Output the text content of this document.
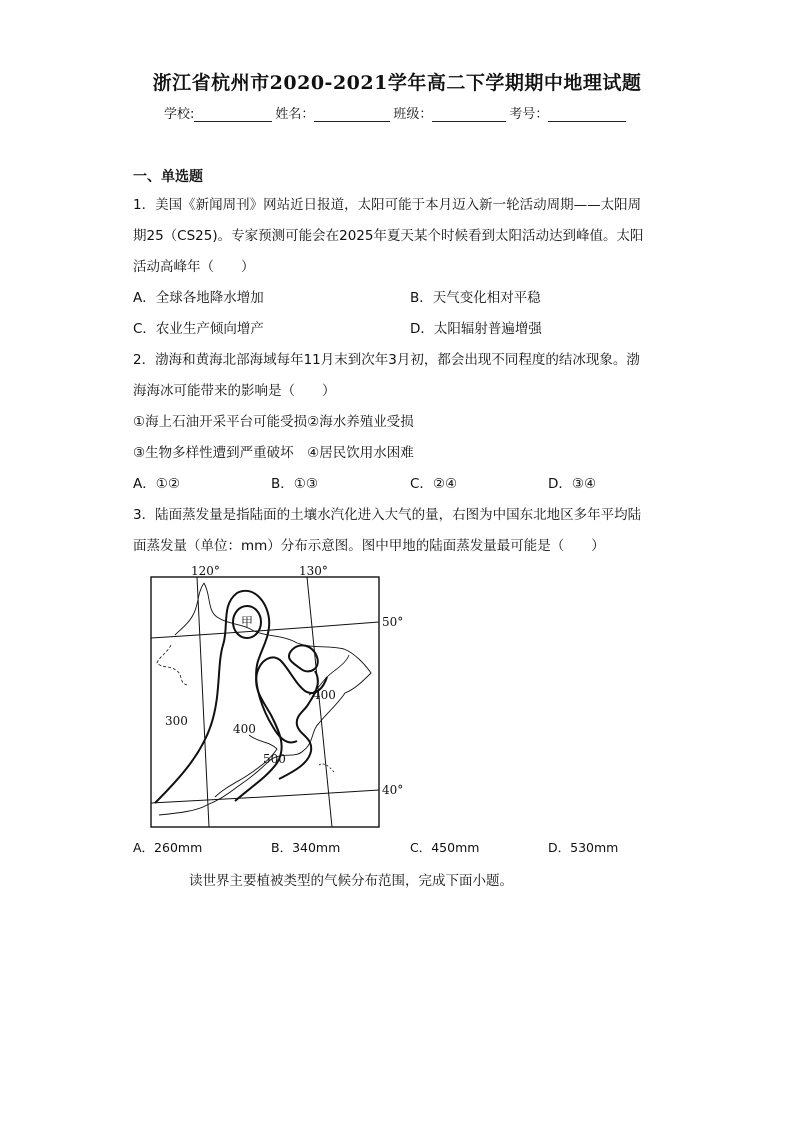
浙江省杭州市2020-2021学年高二下学期期中地理试题
学校:	姓名：	班级：	考号：
一、单选题
1．美国《新闻周刊》网站近日报道，太阳可能于本月迈入新一轮活动周期——太阳周
期25（CS25)。专家预测可能会在2025年夏天某个时候看到太阳活动达到峰值。太阳
活动高峰年（　　）
A．全球各地降水增加	B．天气变化相对平稳
C．农业生产倾向增产	D．太阳辐射普遍增强
2．渤海和黄海北部海域每年11月末到次年3月初，都会出现不同程度的结冰现象。渤
海海冰可能带来的影响是（　　）
①海上石油开采平台可能受损②海水养殖业受损
③生物多样性遭到严重破坏　④居民饮用水困难
A．①②	B．①③	C．②④	D．③④
3．陆面蒸发量是指陆面的土壤水汽化进入大气的量，右图为中国东北地区多年平均陆
面蒸发量（单位：mm）分布示意图。图中甲地的陆面蒸发量最可能是（　　）
120°	130°
50°
40°
300
400
400
500
甲
A．260mm	B．340mm	C．450mm	D．530mm
读世界主要植被类型的气候分布范围，完成下面小题。
